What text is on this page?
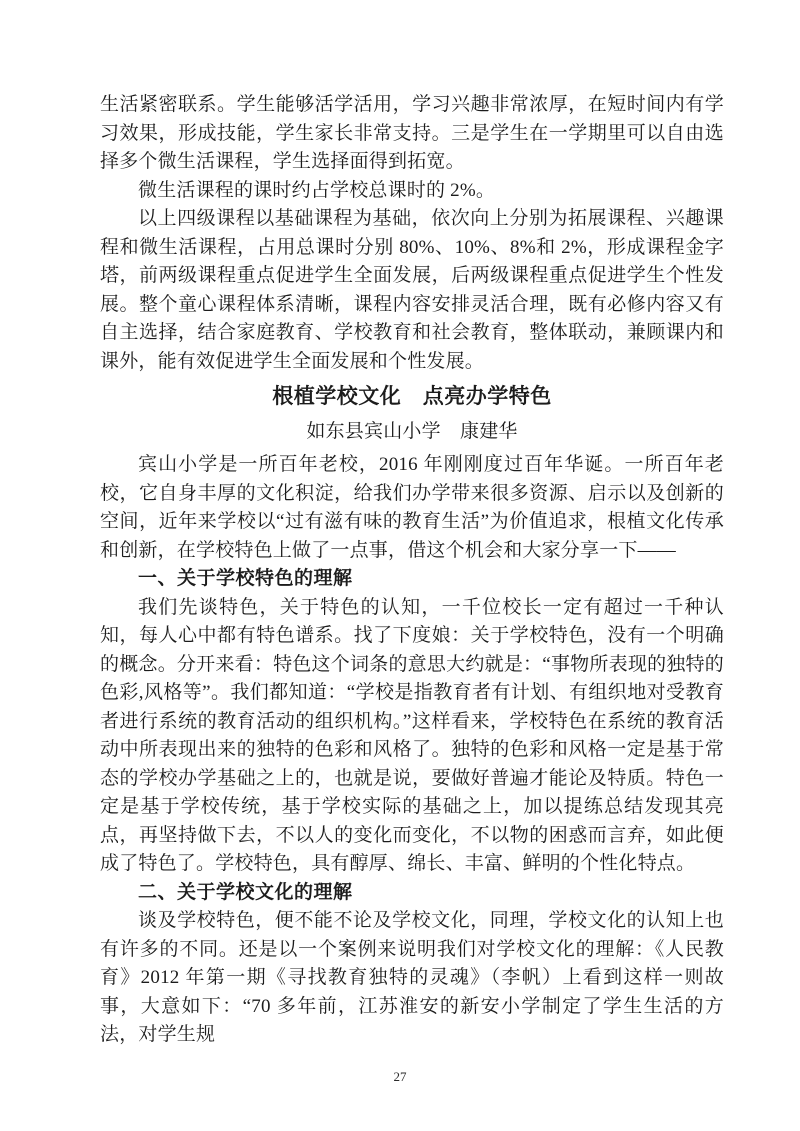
生活紧密联系。学生能够活学活用，学习兴趣非常浓厚，在短时间内有学习效果，形成技能，学生家长非常支持。三是学生在一学期里可以自由选择多个微生活课程，学生选择面得到拓宽。

微生活课程的课时约占学校总课时的 2%。

以上四级课程以基础课程为基础，依次向上分别为拓展课程、兴趣课程和微生活课程，占用总课时分别 80%、10%、8%和 2%，形成课程金字塔，前两级课程重点促进学生全面发展，后两级课程重点促进学生个性发展。整个童心课程体系清晰，课程内容安排灵活合理，既有必修内容又有自主选择，结合家庭教育、学校教育和社会教育，整体联动，兼顾课内和课外，能有效促进学生全面发展和个性发展。

根植学校文化　点亮办学特色

如东县宾山小学　康建华

宾山小学是一所百年老校，2016 年刚刚度过百年华诞。一所百年老校，它自身丰厚的文化积淀，给我们办学带来很多资源、启示以及创新的空间，近年来学校以“过有滋有味的教育生活”为价值追求，根植文化传承和创新，在学校特色上做了一点事，借这个机会和大家分享一下——

一、关于学校特色的理解

我们先谈特色，关于特色的认知，一千位校长一定有超过一千种认知，每人心中都有特色谱系。找了下度娘：关于学校特色，没有一个明确的概念。分开来看：特色这个词条的意思大约就是：“事物所表现的独特的色彩,风格等”。我们都知道：“学校是指教育者有计划、有组织地对受教育者进行系统的教育活动的组织机构。”这样看来，学校特色在系统的教育活动中所表现出来的独特的色彩和风格了。独特的色彩和风格一定是基于常态的学校办学基础之上的，也就是说，要做好普遍才能论及特质。特色一定是基于学校传统，基于学校实际的基础之上，加以提练总结发现其亮点，再坚持做下去，不以人的变化而变化，不以物的困惑而言弃，如此便成了特色了。学校特色，具有醇厚、绵长、丰富、鲜明的个性化特点。

二、关于学校文化的理解

谈及学校特色，便不能不论及学校文化，同理，学校文化的认知上也有许多的不同。还是以一个案例来说明我们对学校文化的理解：《人民教育》2012 年第一期《寻找教育独特的灵魂》（李帆）上看到这样一则故事，大意如下：“70 多年前，江苏淮安的新安小学制定了学生生活的方法，对学生规

27
